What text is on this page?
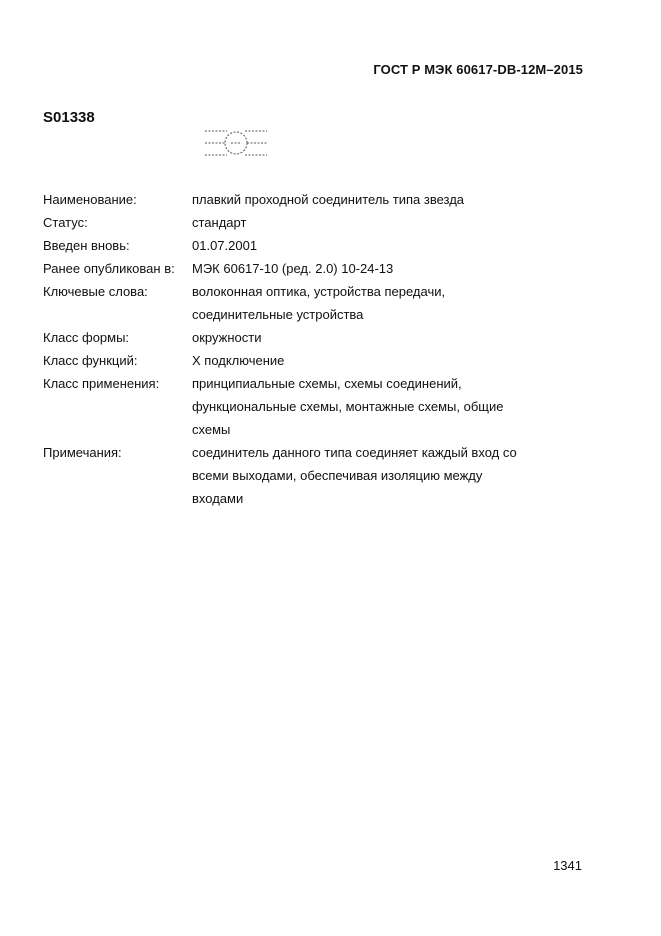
ГОСТ Р МЭК 60617-DB-12М–2015
S01338
Наименование:	плавкий проходной соединитель типа звезда
Статус:	стандарт
Введен вновь:	01.07.2001
Ранее опубликован в:	МЭК 60617-10 (ред. 2.0) 10-24-13
Ключевые слова:	волоконная оптика, устройства передачи,
соединительные устройства
Класс формы:	окружности
Класс функций:	X подключение
Класс применения:	принципиальные схемы, схемы соединений,
функциональные схемы, монтажные схемы, общие
схемы
Примечания:	соединитель данного типа соединяет каждый вход со
всеми выходами, обеспечивая изоляцию между
входами
1341
